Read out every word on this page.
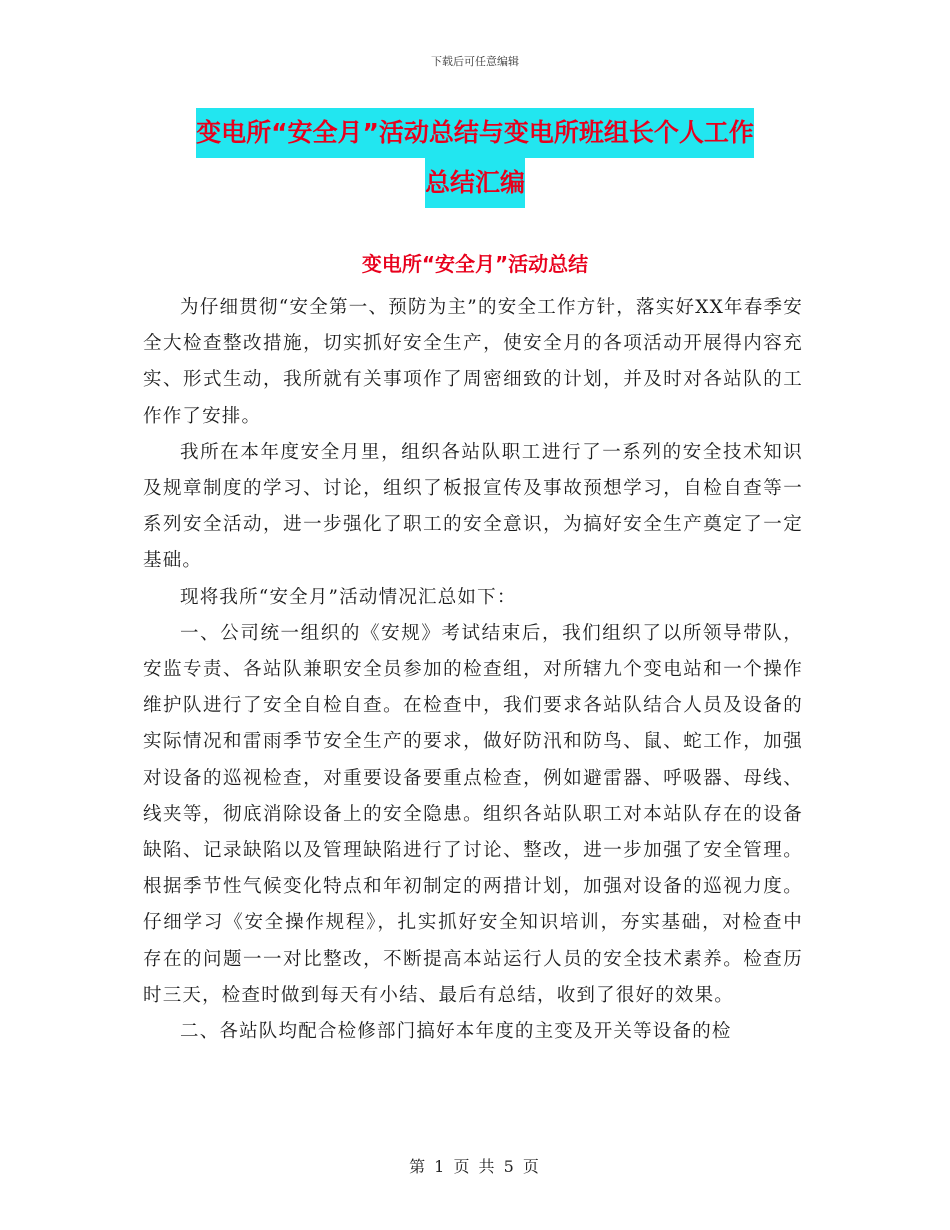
下载后可任意编辑
变电所“安全月”活动总结与变电所班组长个人工作
总结汇编
变电所“安全月”活动总结

为仔细贯彻“安全第一、预防为主”的安全工作方针，落实好XX年春季安全大检查整改措施，切实抓好安全生产，使安全月的各项活动开展得内容充实、形式生动，我所就有关事项作了周密细致的计划，并及时对各站队的工作作了安排。

我所在本年度安全月里，组织各站队职工进行了一系列的安全技术知识及规章制度的学习、讨论，组织了板报宣传及事故预想学习，自检自查等一系列安全活动，进一步强化了职工的安全意识，为搞好安全生产奠定了一定基础。

现将我所“安全月”活动情况汇总如下：

一、公司统一组织的《安规》考试结束后，我们组织了以所领导带队，安监专责、各站队兼职安全员参加的检查组，对所辖九个变电站和一个操作维护队进行了安全自检自查。在检查中，我们要求各站队结合人员及设备的实际情况和雷雨季节安全生产的要求，做好防汛和防鸟、鼠、蛇工作，加强对设备的巡视检查，对重要设备要重点检查，例如避雷器、呼吸器、母线、线夹等，彻底消除设备上的安全隐患。组织各站队职工对本站队存在的设备缺陷、记录缺陷以及管理缺陷进行了讨论、整改，进一步加强了安全管理。根据季节性气候变化特点和年初制定的两措计划，加强对设备的巡视力度。仔细学习《安全操作规程》，扎实抓好安全知识培训，夯实基础，对检查中存在的问题一一对比整改，不断提高本站运行人员的安全技术素养。检查历时三天，检查时做到每天有小结、最后有总结，收到了很好的效果。

二、各站队均配合检修部门搞好本年度的主变及开关等设备的检

第 1 页 共 5 页
